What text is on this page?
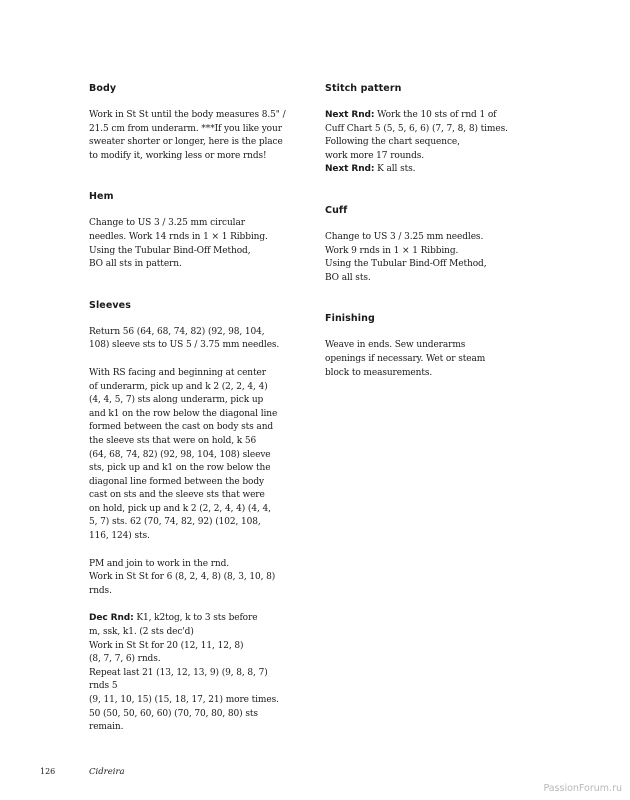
Body

Work in St St until the body measures 8.5" /
21.5 cm from underarm. ***If you like your
sweater shorter or longer, here is the place
to modify it, working less or more rnds!

Hem

Change to US 3 / 3.25 mm circular
needles. Work 14 rnds in 1 × 1 Ribbing.
Using the Tubular Bind-Off Method,
BO all sts in pattern.

Sleeves

Return 56 (64, 68, 74, 82) (92, 98, 104,
108) sleeve sts to US 5 / 3.75 mm needles.

With RS facing and beginning at center
of underarm, pick up and k 2 (2, 2, 4, 4)
(4, 4, 5, 7) sts along underarm, pick up
and k1 on the row below the diagonal line
formed between the cast on body sts and
the sleeve sts that were on hold, k 56
(64, 68, 74, 82) (92, 98, 104, 108) sleeve
sts, pick up and k1 on the row below the
diagonal line formed between the body
cast on sts and the sleeve sts that were
on hold, pick up and k 2 (2, 2, 4, 4) (4, 4,
5, 7) sts. 62 (70, 74, 82, 92) (102, 108,
116, 124) sts.

PM and join to work in the rnd.
Work in St St for 6 (8, 2, 4, 8) (8, 3, 10, 8) rnds.

Dec Rnd: K1, k2tog, k to 3 sts before
m, ssk, k1. (2 sts dec'd)
Work in St St for 20 (12, 11, 12, 8)
(8, 7, 7, 6) rnds.
Repeat last 21 (13, 12, 13, 9) (9, 8, 8, 7) rnds 5
(9, 11, 10, 15) (15, 18, 17, 21) more times.
50 (50, 50, 60, 60) (70, 70, 80, 80) sts
remain.

Stitch pattern

Next Rnd: Work the 10 sts of rnd 1 of
Cuff Chart 5 (5, 5, 6, 6) (7, 7, 8, 8) times.
Following the chart sequence,
work more 17 rounds.
Next Rnd: K all sts.

Cuff

Change to US 3 / 3.25 mm needles.
Work 9 rnds in 1 × 1 Ribbing.
Using the Tubular Bind-Off Method,
BO all sts.

Finishing

Weave in ends. Sew underarms
openings if necessary. Wet or steam
block to measurements.

126	Cidreira
PassionForum.ru
